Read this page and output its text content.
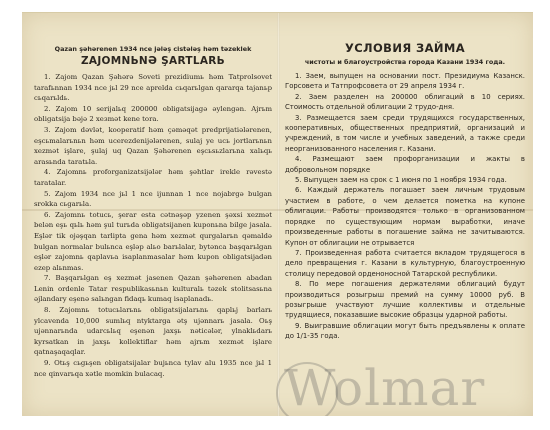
Qazan şəhərenen 1934 nce jələş cistələş həm təzeklek
ZAJOMNЬNƏ ŞARTLARЬ

1. Zajom Qazan Şəhərə Soveti prezidiumь həm Tatprolsovet tarafьnnan 1934 nce jьl 29 nce aprelda cьqarьlgan qararqa tajanьp cьqarьldь.

2. Zajom 10 serijalьq 200000 obligatsijagə əylengən. Ajrьm obligatsija bəjə 2 xeзmət kene tora.

3. Zajom dəvlət, kooperatif həm çəməqət predprijatiələrenen, eşcьmalarьnьn həm ucerezdenijələrenen, sulaj ye ucь jortlarьnьn xezmət işlare, şulaj uq Qazan Şəhərenen eşcьsьzlarьna xalьqь arasьnda taratьla.

4. Zajomnь proforganizatsijələr həm şəhtlar irekle rəvestə taratalar.

5. Zajom 1934 nce jьl 1 nce iјunnan 1 nce nojabrgə bulgan srokka cьgarьla.

6. Zajomnь totucь, şerar esta cətnəşəp yzenen şəxsi xezmət belən eşь qьlь həm şul turьda obligatsijanen kuponьna bilge jasala. Eşlər tik ojəşqan tarlipta gena həm xezmət qurgalarьn qəmaldə bulgan normalar bulьnca eşləp alьo barьlalar, bytənca başqarьlgan eşlər zajomnь qaplavьa isaplanmasalar həm kupon obligatsijadən ezep alьnmas.

7. Başqarьlgan eş xezmət jasenen Qazan şəhərenen abadan Lenin ordenle Tatar respublikasьnьn kulturalь təzek stolitsasьna əjlandary eşenə salьngan fidaqь kumaq isaplanadь.

8. Zajomnь totucьlarьnь obligatsijalarьnь qaplьj barlarь ylcavenda 10,000 sumlьq ntyktarga ətş ujənnarь jasala. Oьş ujənnarьnda udarcьlьq eşenən jaxşь nəticələr, ylnaklьdarь kyrsatkan in jaxşь kollektiflar həm ajrьm xezmət işlare qatnaşaqaqlar.

9. Otьş cьgьşen obligatsijalar bujьnca tylav alu 1935 nce jьl 1 nce qinvarьqa xətle momkin bulacaq.

УСЛОВИЯ ЗАЙМА
чистоты и благоустройства города Казани 1934 года.

1. Заем, выпущен на основании пост. Президиума Казанск. Горсовета и Татпрофсовета от 29 апреля 1934 г.

2. Заем разделен на 200000 облигаций в 10 сериях. Стоимость отдельной облигации 2 трудо-дня.

3. Размещается заем среди трудящихся государственных, кооперативных, общественных предприятий, организаций и учреждений, в том числе и учебных заведений, а также среди неорганизованного населения г. Казани.

4. Размещают заем профорганизации и жакты в добровольном порядке

5. Выпущен заем на срок с 1 июня по 1 ноября 1934 года.

6. Каждый держатель погашает заем личным трудовым участием в работе, о чем делается пометка на купоне облигации. Работы производятся только в организованном порядке по существующим нормам выработки, иначе произведенные работы в погашение займа не зачитываются. Купон от облигации не отрывается

7. Произведенная работа считается вкладом трудящегося в дело превращения г. Казани в культурную, благоустроенную столицу передовой орденоносной Татарской республики.

8. По мере погашения держателями облигаций будут производиться розыгрыш премий на сумму 10000 руб. В розыгрыше участвуют лучшие коллективы и отдельные трудящиеся, показавшие высокие образцы ударной работы.

9. Выигравшие облигации могут быть предъявлены к оплате до 1/1-35 года.

Wolmar
